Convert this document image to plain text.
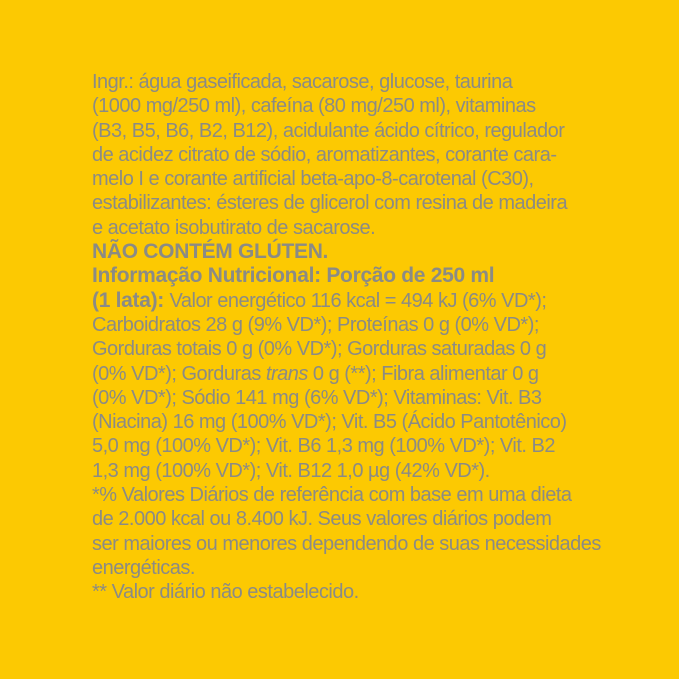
Ingr.: água gaseificada, sacarose, glucose, taurina
(1000 mg/250 ml), cafeína (80 mg/250 ml), vitaminas
(B3, B5, B6, B2, B12), acidulante ácido cítrico, regulador
de acidez citrato de sódio, aromatizantes, corante cara-
melo I e corante artificial beta-apo-8-carotenal (C30),
estabilizantes: ésteres de glicerol com resina de madeira
e acetato isobutirato de sacarose.
NÃO CONTÉM GLÚTEN.
Informação Nutricional: Porção de 250 ml
(1 lata): Valor energético 116 kcal = 494 kJ (6% VD*);
Carboidratos 28 g (9% VD*); Proteínas 0 g (0% VD*);
Gorduras totais 0 g (0% VD*); Gorduras saturadas 0 g
(0% VD*); Gorduras trans 0 g (**); Fibra alimentar 0 g
(0% VD*); Sódio 141 mg (6% VD*); Vitaminas: Vit. B3
(Niacina) 16 mg (100% VD*); Vit. B5 (Ácido Pantotênico)
5,0 mg (100% VD*); Vit. B6 1,3 mg (100% VD*); Vit. B2
1,3 mg (100% VD*); Vit. B12 1,0 µg (42% VD*).
*% Valores Diários de referência com base em uma dieta
de 2.000 kcal ou 8.400 kJ. Seus valores diários podem
ser maiores ou menores dependendo de suas necessidades
energéticas.
** Valor diário não estabelecido.
